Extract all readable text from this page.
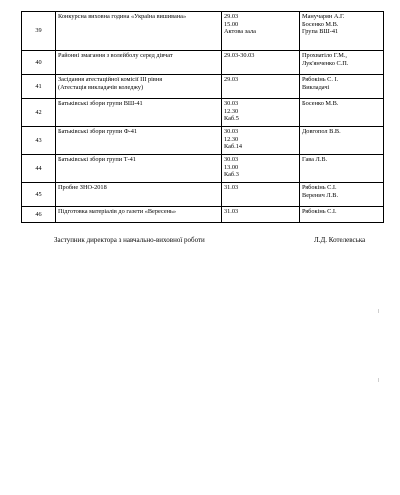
39	Конкурсна виховна година «Україна вишивана»	29.03
15.00
Актова зала	Манучарян А.Г.
Босенко М.В.
Група ВШ-41

40	Районні змагання з волейболу серед дівчат	29.03-30.03	Прохватіло Г.М.,
Лук'янченко С.П.

41	Засідання атестаційної комісії ІІІ рівня
(Атестація викладачів коледжу)	29.03	Рябокінь С. І.
Викладачі

42	Батьківські збори групи ВШ-41	30.03
12.30
Каб.5	Босенко М.В.

43	Батьківські збори групи Ф-41	30.03
12.30
Каб.14	Довгопол В.В.

44	Батьківські збори групи Т-41	30.03
13.00
Каб.3	Гава Л.В.

45	Пробне ЗНО-2018	31.03	Рябокінь С.І.
Веренич Л.В.

46	Підготовка матеріалів до газети «Вересень»	31.03	Рябокінь С.І.
Заступник директора з навчально-виховної роботи	Л.Д. Котелевська
